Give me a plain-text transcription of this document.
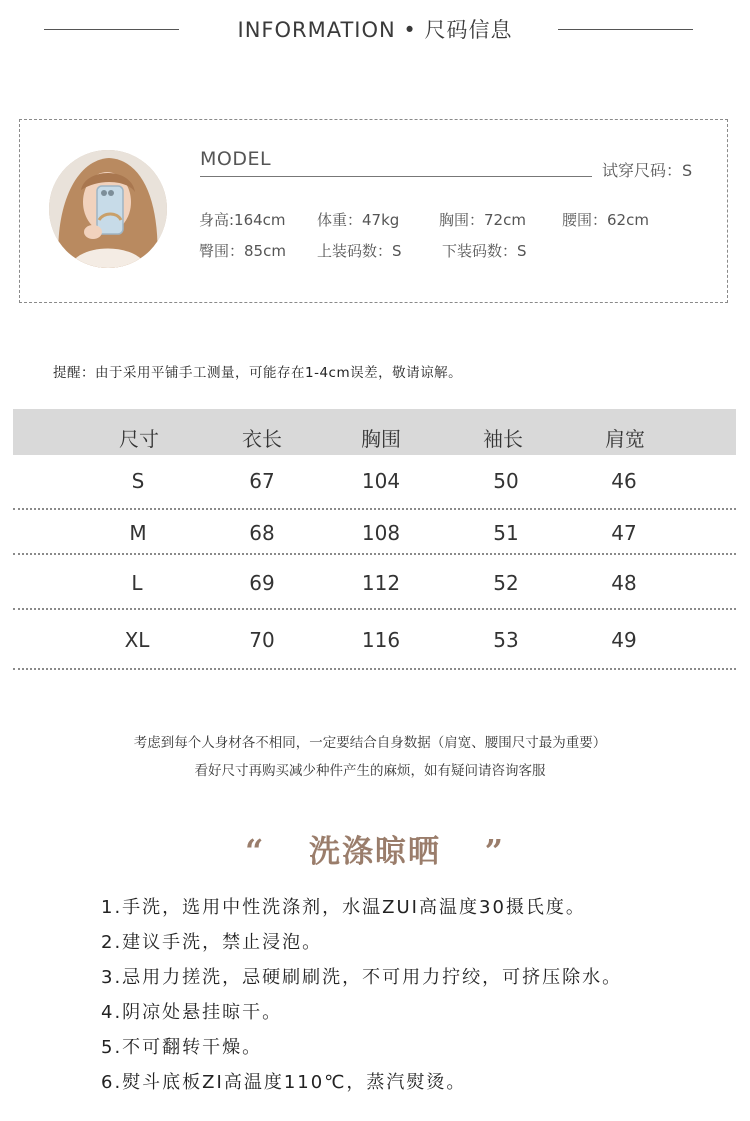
INFORMATION • 尺码信息
MODEL
试穿尺码：S
身高:164cm 体重：47kg	胸围：72cm 腰围：62cm
臀围：85cm 上装码数：S	下装码数：S
提醒：由于采用平铺手工测量，可能存在1-4cm误差，敬请谅解。
尺寸	衣长	胸围	袖长	肩宽
S	67	104	50	46
M	68	108	51	47
L	69	112	52	48
XL	70	116	53	49
考虑到每个人身材各不相同，一定要结合自身数据（肩宽、腰围尺寸最为重要）
看好尺寸再购买减少种件产生的麻烦，如有疑问请咨询客服
“ 洗涤晾晒 ”
1.手洗，选用中性洗涤剂，水温ZUI高温度30摄氏度。
2.建议手洗，禁止浸泡。
3.忌用力搓洗，忌硬刷刷洗，不可用力拧绞，可挤压除水。
4.阴凉处悬挂晾干。
5.不可翻转干燥。
6.熨斗底板ZI高温度110℃，蒸汽熨烫。
